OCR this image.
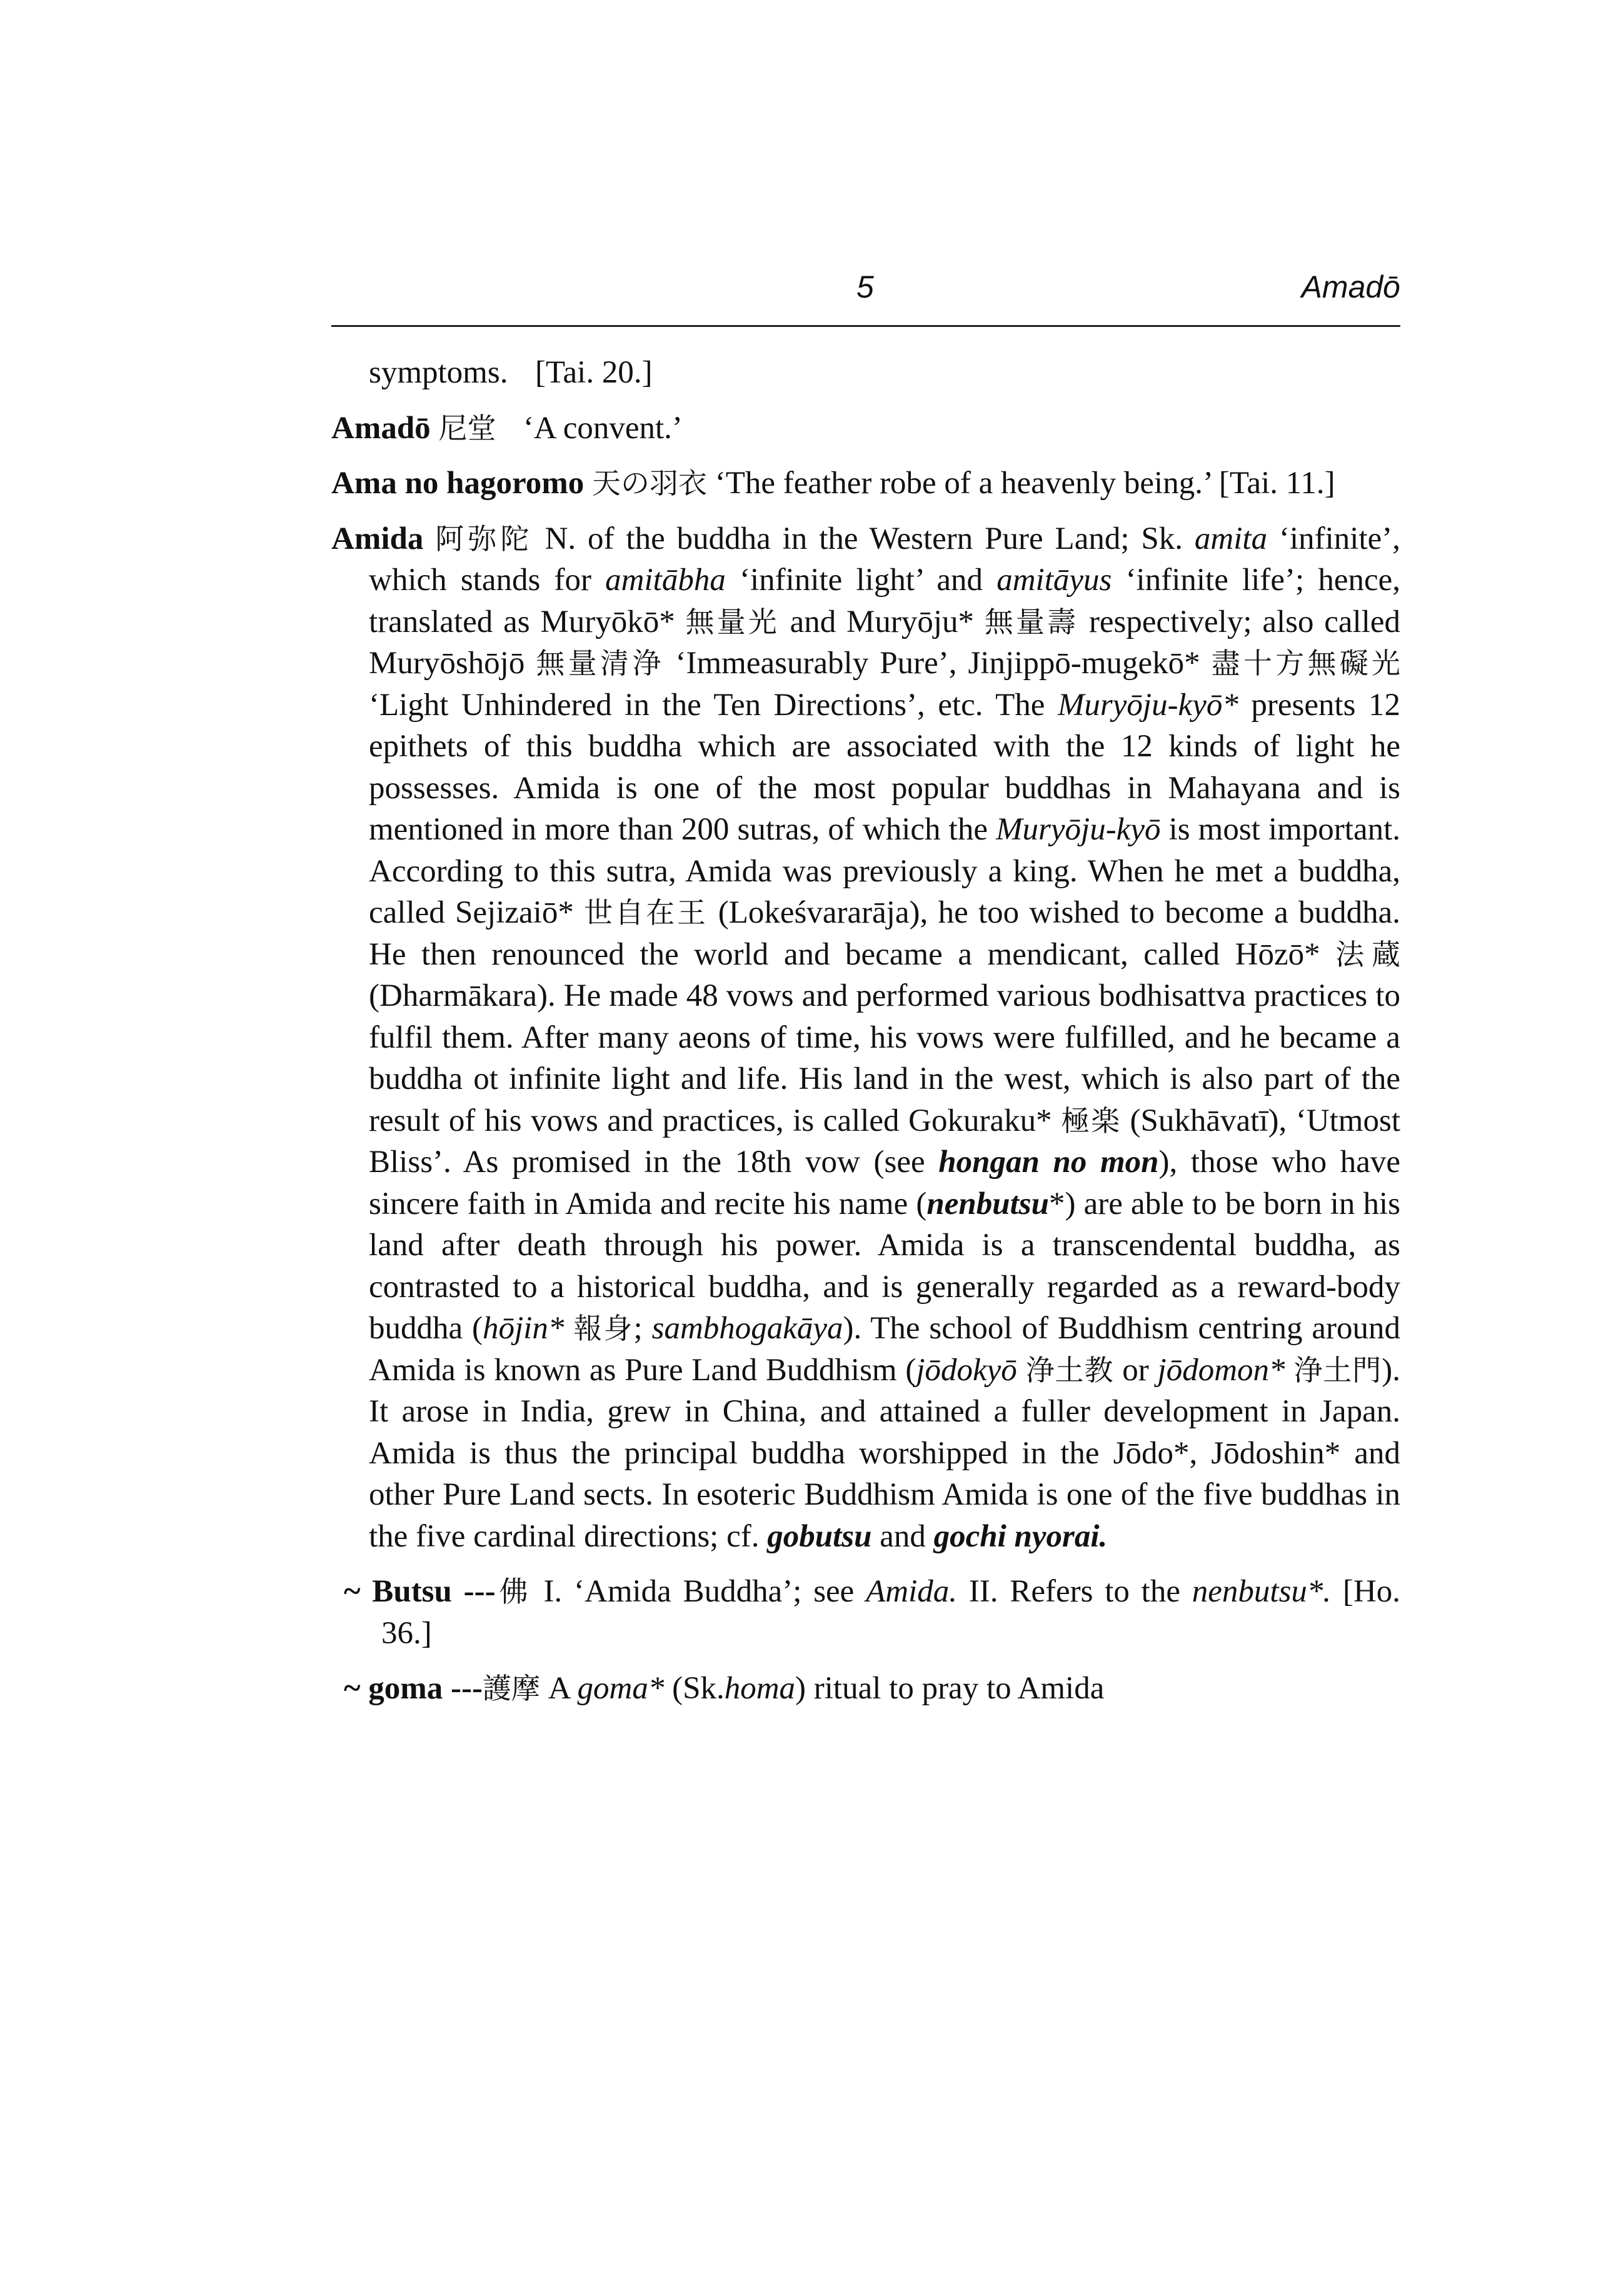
5	Amadō

symptoms. [Tai. 20.]

Amadō 尼堂 ‘A convent.’

Ama no hagoromo 天の羽衣 ‘The feather robe of a heavenly being.’ [Tai. 11.]

Amida 阿弥陀 N. of the buddha in the Western Pure Land; Sk. amita ‘infinite’, which stands for amitābha ‘infinite light’ and amitāyus ‘infinite life’; hence, translated as Muryōkō* 無量光 and Muryōju* 無量壽 respectively; also called Muryōshōjō 無量清浄 ‘Immeasurably Pure’, Jinjippō-mugekō* 盡十方無礙光 ‘Light Unhindered in the Ten Directions’, etc. The Muryōju-kyō* presents 12 epithets of this buddha which are associated with the 12 kinds of light he possesses. Amida is one of the most popular buddhas in Mahayana and is mentioned in more than 200 sutras, of which the Muryōju-kyō is most important. According to this sutra, Amida was previously a king. When he met a buddha, called Sejizaiō* 世自在王 (Lokeśvararāja), he too wished to become a buddha. He then renounced the world and became a mendicant, called Hōzō* 法蔵 (Dharmākara). He made 48 vows and performed various bodhisattva practices to fulfil them. After many aeons of time, his vows were fulfilled, and he became a buddha ot infinite light and life. His land in the west, which is also part of the result of his vows and practices, is called Gokuraku* 極楽 (Sukhāvatī), ‘Utmost Bliss’. As promised in the 18th vow (see hongan no mon), those who have sincere faith in Amida and recite his name (nenbutsu*) are able to be born in his land after death through his power. Amida is a transcendental buddha, as contrasted to a historical buddha, and is generally regarded as a reward-body buddha (hōjin* 報身; sambhogakāya). The school of Buddhism centring around Amida is known as Pure Land Buddhism (jōdokyō 浄土教 or jōdomon* 浄土門). It arose in India, grew in China, and attained a fuller development in Japan. Amida is thus the principal buddha worshipped in the Jōdo*, Jōdoshin* and other Pure Land sects. In esoteric Buddhism Amida is one of the five buddhas in the five cardinal directions; cf. gobutsu and gochi nyorai.

~ Butsu ---佛 I. ‘Amida Buddha’; see Amida. II. Refers to the nenbutsu*. [Ho. 36.]

~ goma ---護摩 A goma* (Sk.homa) ritual to pray to Amida
